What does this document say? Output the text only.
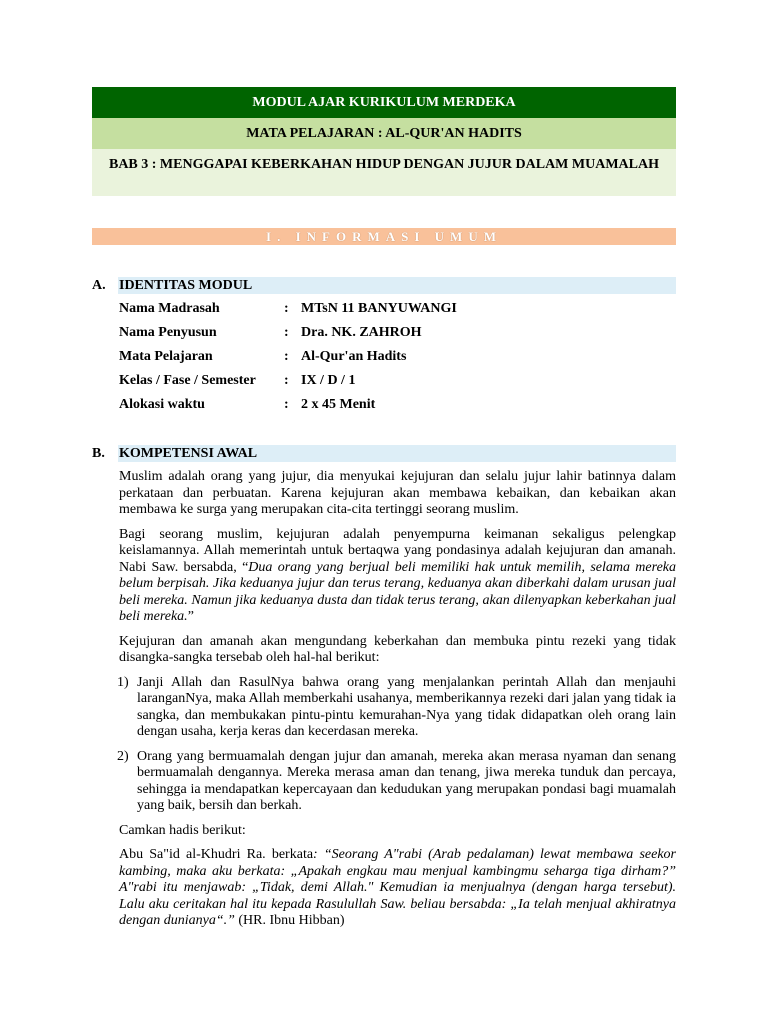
MODUL AJAR KURIKULUM MERDEKA
MATA PELAJARAN : AL-QUR'AN HADITS
BAB 3 : MENGGAPAI KEBERKAHAN HIDUP DENGAN JUJUR DALAM MUAMALAH
I. INFORMASI UMUM
A. IDENTITAS MODUL
Nama Madrasah	: MTsN 11 BANYUWANGI
Nama Penyusun	: Dra. NK. ZAHROH
Mata Pelajaran	: Al-Qur'an Hadits
Kelas / Fase / Semester : IX / D / 1
Alokasi waktu	: 2 x 45 Menit
B. KOMPETENSI AWAL

Muslim adalah orang yang jujur, dia menyukai kejujuran dan selalu jujur lahir batinnya dalam perkataan dan perbuatan. Karena kejujuran akan membawa kebaikan, dan kebaikan akan membawa ke surga yang merupakan cita-cita tertinggi seorang muslim.

Bagi seorang muslim, kejujuran adalah penyempurna keimanan sekaligus pelengkap keislamannya. Allah memerintah untuk bertaqwa yang pondasinya adalah kejujuran dan amanah. Nabi Saw. bersabda, “Dua orang yang berjual beli memiliki hak untuk memilih, selama mereka belum berpisah. Jika keduanya jujur dan terus terang, keduanya akan diberkahi dalam urusan jual beli mereka. Namun jika keduanya dusta dan tidak terus terang, akan dilenyapkan keberkahan jual beli mereka.”

Kejujuran dan amanah akan mengundang keberkahan dan membuka pintu rezeki yang tidak disangka-sangka tersebab oleh hal-hal berikut:

1) Janji Allah dan RasulNya bahwa orang yang menjalankan perintah Allah dan menjauhi laranganNya, maka Allah memberkahi usahanya, memberikannya rezeki dari jalan yang tidak ia sangka, dan membukakan pintu-pintu kemurahan-Nya yang tidak didapatkan oleh orang lain dengan usaha, kerja keras dan kecerdasan mereka.
2) Orang yang bermuamalah dengan jujur dan amanah, mereka akan merasa nyaman dan senang bermuamalah dengannya. Mereka merasa aman dan tenang, jiwa mereka tunduk dan percaya, sehingga ia mendapatkan kepercayaan dan kedudukan yang merupakan pondasi bagi muamalah yang baik, bersih dan berkah.

Camkan hadis berikut:

Abu Sa"id al-Khudri Ra. berkata: “Seorang A"rabi (Arab pedalaman) lewat membawa seekor kambing, maka aku berkata: „Apakah engkau mau menjual kambingmu seharga tiga dirham?” A"rabi itu menjawab: „Tidak, demi Allah." Kemudian ia menjualnya (dengan harga tersebut). Lalu aku ceritakan hal itu kepada Rasulullah Saw. beliau bersabda: „Ia telah menjual akhiratnya dengan dunianya“.” (HR. Ibnu Hibban)
